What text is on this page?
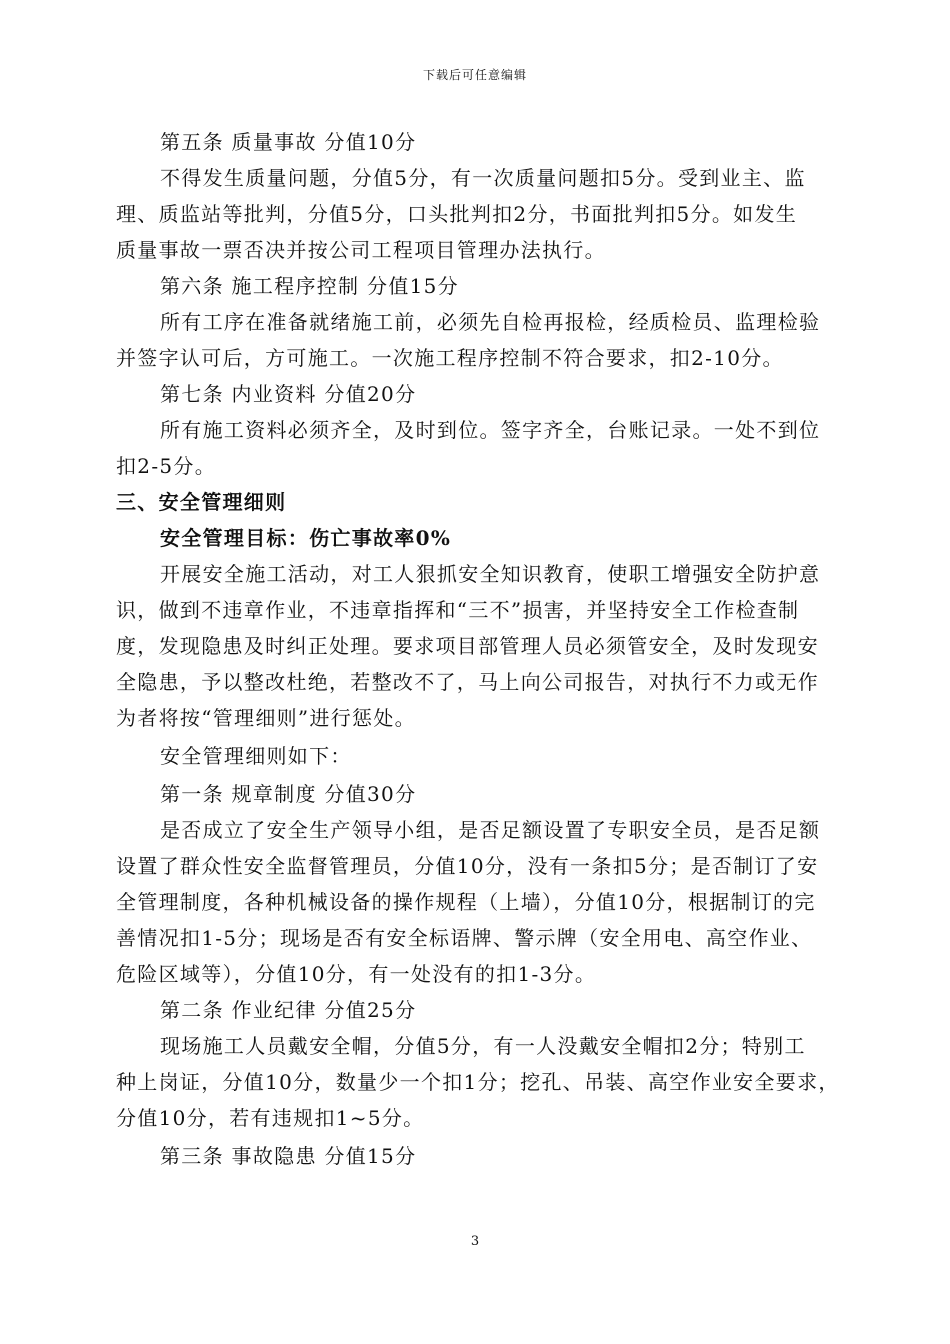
下载后可任意编辑
第五条 质量事故 分值10分
不得发生质量问题，分值5分，有一次质量问题扣5分。受到业主、监
理、质监站等批判，分值5分，口头批判扣2分，书面批判扣5分。如发生
质量事故一票否决并按公司工程项目管理办法执行。
第六条 施工程序控制 分值15分
所有工序在准备就绪施工前，必须先自检再报检，经质检员、监理检验
并签字认可后，方可施工。一次施工程序控制不符合要求，扣2-10分。
第七条 内业资料 分值20分
所有施工资料必须齐全，及时到位。签字齐全，台账记录。一处不到位
扣2-5分。
三、安全管理细则
安全管理目标：伤亡事故率0%
开展安全施工活动，对工人狠抓安全知识教育，使职工增强安全防护意
识，做到不违章作业，不违章指挥和“三不”损害，并坚持安全工作检查制
度，发现隐患及时纠正处理。要求项目部管理人员必须管安全，及时发现安
全隐患，予以整改杜绝，若整改不了，马上向公司报告，对执行不力或无作
为者将按“管理细则”进行惩处。
安全管理细则如下：
第一条 规章制度 分值30分
是否成立了安全生产领导小组，是否足额设置了专职安全员，是否足额
设置了群众性安全监督管理员，分值10分，没有一条扣5分；是否制订了安
全管理制度，各种机械设备的操作规程（上墙），分值10分，根据制订的完
善情况扣1-5分；现场是否有安全标语牌、警示牌（安全用电、高空作业、
危险区域等），分值10分，有一处没有的扣1-3分。
第二条 作业纪律 分值25分
现场施工人员戴安全帽，分值5分，有一人没戴安全帽扣2分；特别工
种上岗证，分值10分，数量少一个扣1分；挖孔、吊装、高空作业安全要求，
分值10分，若有违规扣1~5分。
第三条 事故隐患 分值15分
3
